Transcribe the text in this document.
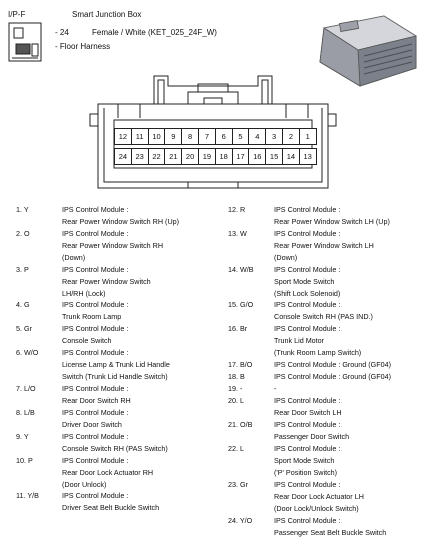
I/P-F	Smart Junction Box
- 24	Female / White (KET_025_24F_W)
- Floor Harness
12	11	10	9	8	7	6	5	4	3	2	1
24	23	22	21	20	19	18	17	16	15	14	13
1. Y	IPS Control Module :
Rear Power Window Switch RH (Up)
2. O	IPS Control Module :
Rear Power Window Switch RH
(Down)
3. P	IPS Control Module :
Rear Power Window Switch
LH/RH (Lock)
4. G	IPS Control Module :
Trunk Room Lamp
5. Gr	IPS Control Module :
Console Switch
6. W/O	IPS Control Module :
License Lamp & Trunk Lid Handle
Switch (Trunk Lid Handle Switch)
7. L/O	IPS Control Module :
Rear Door Switch RH
8. L/B	IPS Control Module :
Driver Door Switch
9. Y	IPS Control Module :
Console Switch RH (PAS Switch)
10. P	IPS Control Module :
Rear Door Lock Actuator RH
(Door Unlock)
11. Y/B	IPS Control Module :
Driver Seat Belt Buckle Switch
12. R	IPS Control Module :
Rear Power Window Switch LH (Up)
13. W	IPS Control Module :
Rear Power Window Switch LH
(Down)
14. W/B	IPS Control Module :
Sport Mode Switch
(Shift Lock Solenoid)
15. G/O	IPS Control Module :
Console Switch RH (PAS IND.)
16. Br	IPS Control Module :
Trunk Lid Motor
(Trunk Room Lamp Switch)
17. B/O	IPS Control Module : Ground (GF04)
18. B	IPS Control Module : Ground (GF04)
19. -	-
20. L	IPS Control Module :
Rear Door Switch LH
21. O/B	IPS Control Module :
Passenger Door Switch
22. L	IPS Control Module :
Sport Mode Switch
('P' Position Switch)
23. Gr	IPS Control Module :
Rear Door Lock Actuator LH
(Door Lock/Unlock Switch)
24. Y/O	IPS Control Module :
Passenger Seat Belt Buckle Switch
